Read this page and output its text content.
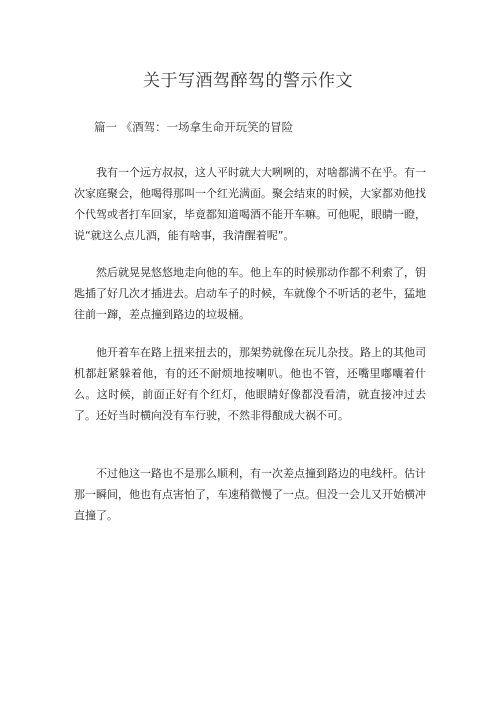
关于写酒驾醉驾的警示作文
篇一 《酒驾：一场拿生命开玩笑的冒险

我有一个远方叔叔，这人平时就大大咧咧的，对啥都满不在乎。有一次家庭聚会，他喝得那叫一个红光满面。聚会结束的时候，大家都劝他找个代驾或者打车回家，毕竟都知道喝酒不能开车嘛。可他呢，眼睛一瞪，说“就这么点儿酒，能有啥事，我清醒着呢”。

然后就晃晃悠悠地走向他的车。他上车的时候那动作都不利索了，钥匙插了好几次才插进去。启动车子的时候，车就像个不听话的老牛，猛地往前一蹿，差点撞到路边的垃圾桶。

他开着车在路上扭来扭去的，那架势就像在玩儿杂技。路上的其他司机都赶紧躲着他，有的还不耐烦地按喇叭。他也不管，还嘴里嘟囔着什么。这时候，前面正好有个红灯，他眼睛好像都没看清，就直接冲过去了。还好当时横向没有车行驶，不然非得酿成大祸不可。

不过他这一路也不是那么顺利，有一次差点撞到路边的电线杆。估计那一瞬间，他也有点害怕了，车速稍微慢了一点。但没一会儿又开始横冲直撞了。
